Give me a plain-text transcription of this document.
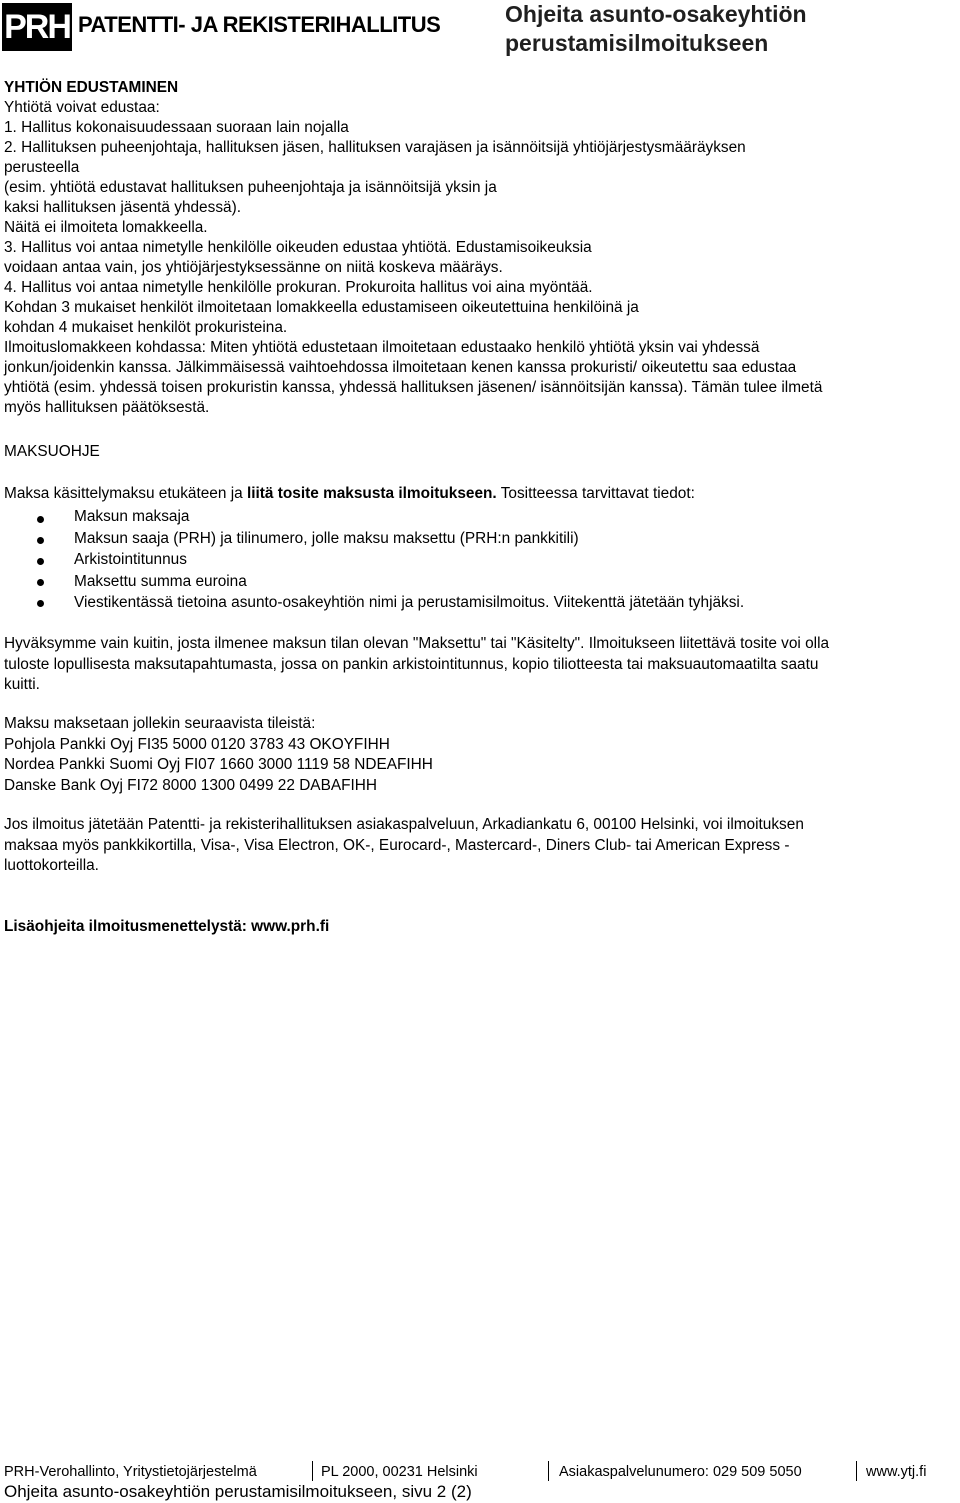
PRH PATENTTI- JA REKISTERIHALLITUS	Ohjeita asunto-osakeyhtiön
perustamisilmoitukseen
YHTIÖN EDUSTAMINEN
Yhtiötä voivat edustaa:
1. Hallitus kokonaisuudessaan suoraan lain nojalla
2. Hallituksen puheenjohtaja, hallituksen jäsen, hallituksen varajäsen ja isännöitsijä yhtiöjärjestysmääräyksen
perusteella
(esim. yhtiötä edustavat hallituksen puheenjohtaja ja isännöitsijä yksin ja
kaksi hallituksen jäsentä yhdessä).
Näitä ei ilmoiteta lomakkeella.
3. Hallitus voi antaa nimetylle henkilölle oikeuden edustaa yhtiötä. Edustamisoikeuksia
voidaan antaa vain, jos yhtiöjärjestyksessänne on niitä koskeva määräys.
4. Hallitus voi antaa nimetylle henkilölle prokuran. Prokuroita hallitus voi aina myöntää.
Kohdan 3 mukaiset henkilöt ilmoitetaan lomakkeella edustamiseen oikeutettuina henkilöinä ja
kohdan 4 mukaiset henkilöt prokuristeina.
Ilmoituslomakkeen kohdassa: Miten yhtiötä edustetaan ilmoitetaan edustaako henkilö yhtiötä yksin vai yhdessä
jonkun/joidenkin kanssa. Jälkimmäisessä vaihtoehdossa ilmoitetaan kenen kanssa prokuristi/ oikeutettu saa edustaa
yhtiötä (esim. yhdessä toisen prokuristin kanssa, yhdessä hallituksen jäsenen/ isännöitsijän kanssa). Tämän tulee ilmetä
myös hallituksen päätöksestä.
MAKSUOHJE
Maksa käsittelymaksu etukäteen ja liitä tosite maksusta ilmoitukseen. Tositteessa tarvittavat tiedot:
Maksun maksaja
Maksun saaja (PRH) ja tilinumero, jolle maksu maksettu (PRH:n pankkitili)
Arkistointitunnus
Maksettu summa euroina
Viestikentässä tietoina asunto-osakeyhtiön nimi ja perustamisilmoitus. Viitekenttä jätetään tyhjäksi.
Hyväksymme vain kuitin, josta ilmenee maksun tilan olevan "Maksettu" tai "Käsitelty". Ilmoitukseen liitettävä tosite voi olla
tuloste lopullisesta maksutapahtumasta, jossa on pankin arkistointitunnus, kopio tiliotteesta tai maksuautomaatilta saatu
kuitti.
Maksu maksetaan jollekin seuraavista tileistä:
Pohjola Pankki Oyj FI35 5000 0120 3783 43 OKOYFIHH
Nordea Pankki Suomi Oyj FI07 1660 3000 1119 58 NDEAFIHH
Danske Bank Oyj FI72 8000 1300 0499 22 DABAFIHH
Jos ilmoitus jätetään Patentti- ja rekisterihallituksen asiakaspalveluun, Arkadiankatu 6, 00100 Helsinki, voi ilmoituksen
maksaa myös pankkikortilla, Visa-, Visa Electron, OK-, Eurocard-, Mastercard-, Diners Club- tai American Express -
luottokorteilla.
Lisäohjeita ilmoitusmenettelystä: www.prh.fi
PRH-Verohallinto, Yritystietojärjestelmä	PL 2000, 00231 Helsinki	Asiakaspalvelunumero: 029 509 5050	www.ytj.fi
Ohjeita asunto-osakeyhtiön perustamisilmoitukseen, sivu 2 (2)
